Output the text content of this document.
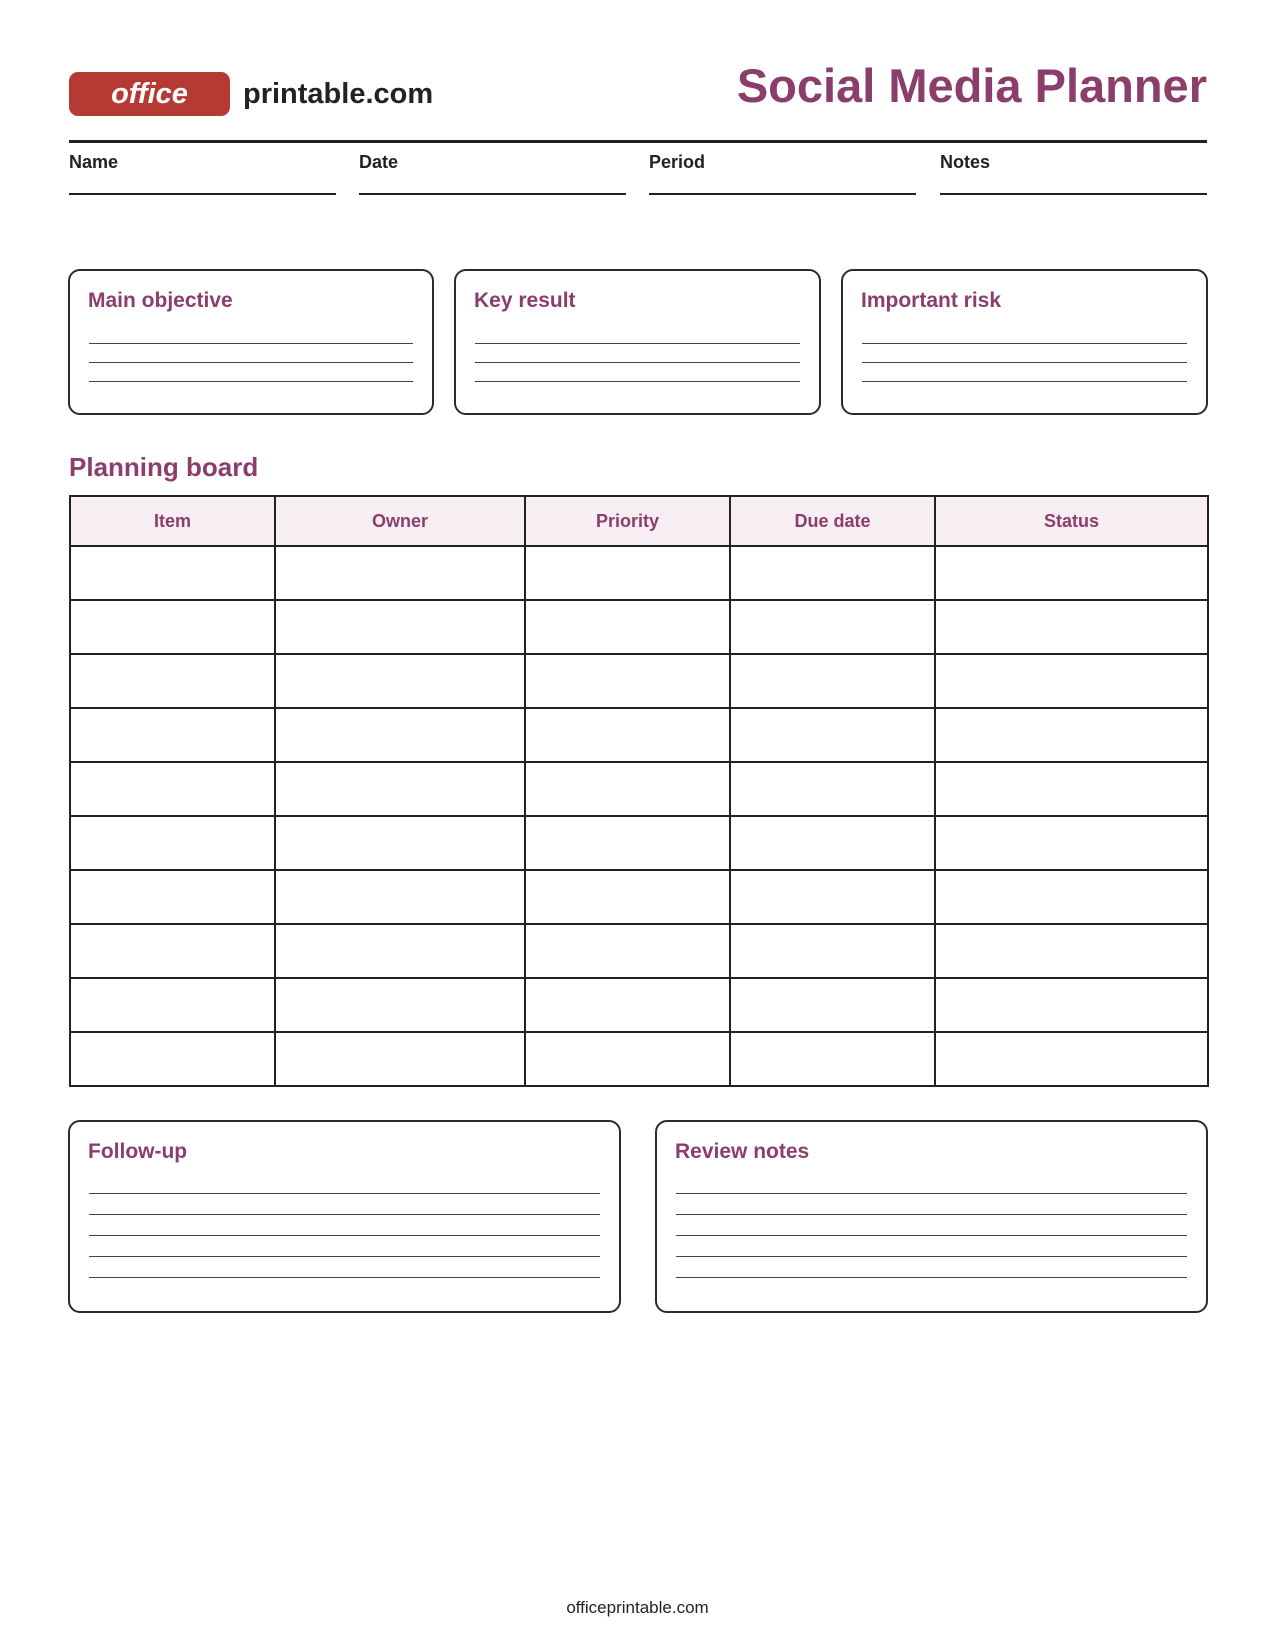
office	printable.com	Social Media Planner
Name	Date	Period	Notes
Main objective	Key result	Important risk
Planning board
Item	Owner	Priority	Due date	Status

Follow-up	Review notes
officeprintable.com
